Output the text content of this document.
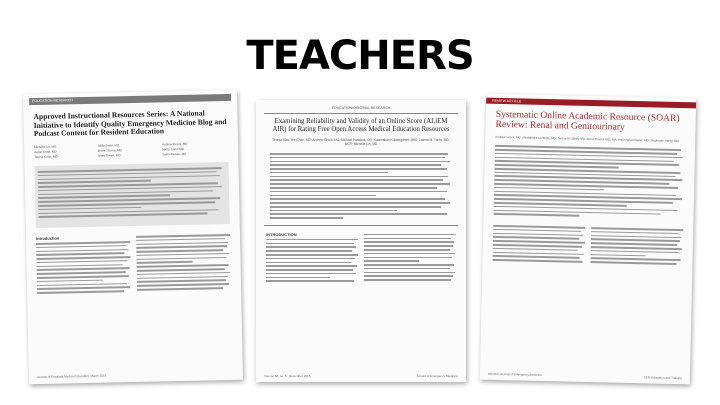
TEACHERS
EDUCATION RESEARCH
Approved Instructional Resources Series: A National Initiative to Identify Quality Emergency Medicine Blog and Podcast Content for Resident Education
Michelle Lin, MD	Millie Joshi, MD	Andrew Grock, MD
Aaron Chan, MD	Brent Thoma, MD	Nikita Joshi, MD
Teresa Chan, MD	Mark Green, MD	Salim Rezaie, MD
Introduction
Journal of Graduate Medical Education, March 2016
EDUCATION/ORIGINAL RESEARCH
Examining Reliability and Validity of an Online Score (ALiEM AIR) for Rating Free Open Access Medical Education Resources
Teresa Man-Yee Chan, MD; Andrew Grock, MD; Michael Paddock, DO; Kulamakan Kulasegaram, PhD; Lalena M. Yarris, MD, MCR; Michelle Lin, MD
INTRODUCTION
Volume 68, no. 6 : December 2016	Annals of Emergency Medicine
REVIEW ARTICLE
Systematic Online Academic Resource (SOAR) Review: Renal and Genitourinary
Andrew Grock, MD; Alessandra Conforto, MD; Teresa M. Chan, MD; Brent Thoma, MD, MA; Anton Wiechmann, MD; Stephanie Hardy, MD
Western Journal of Emergency Medicine
AEM Education and Training
